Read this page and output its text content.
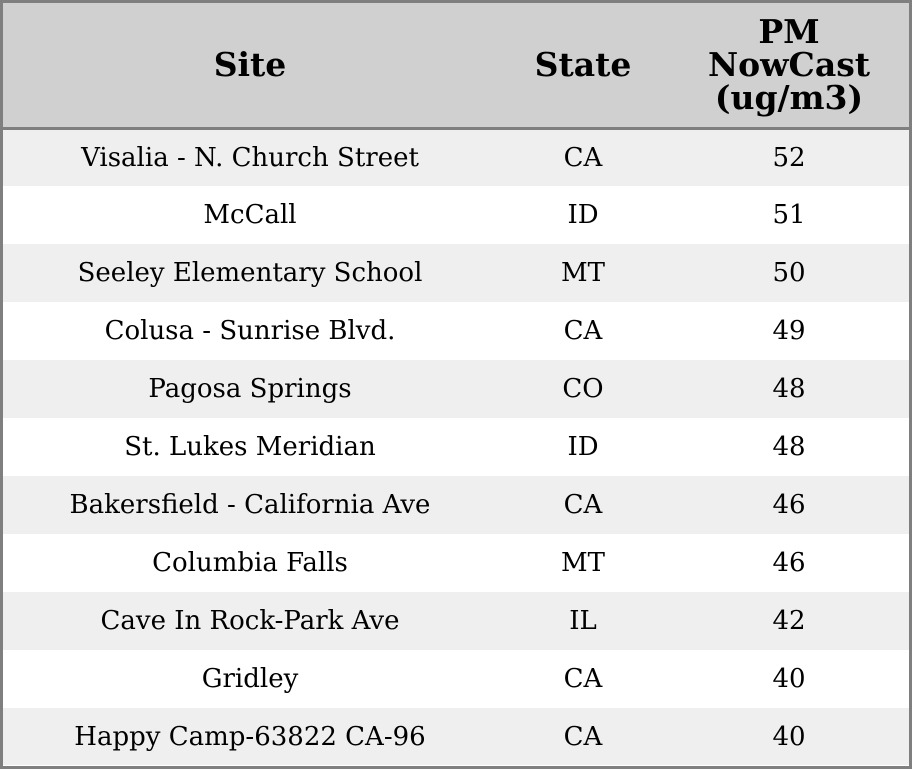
Site	State	PM
NowCast
(ug/m3)

Visalia - N. Church Street	CA	52
McCall	ID	51
Seeley Elementary School	MT	50
Colusa - Sunrise Blvd.	CA	49
Pagosa Springs	CO	48
St. Lukes Meridian	ID	48
Bakersfield - California Ave	CA	46
Columbia Falls	MT	46
Cave In Rock-Park Ave	IL	42
Gridley	CA	40
Happy Camp-63822 CA-96	CA	40
